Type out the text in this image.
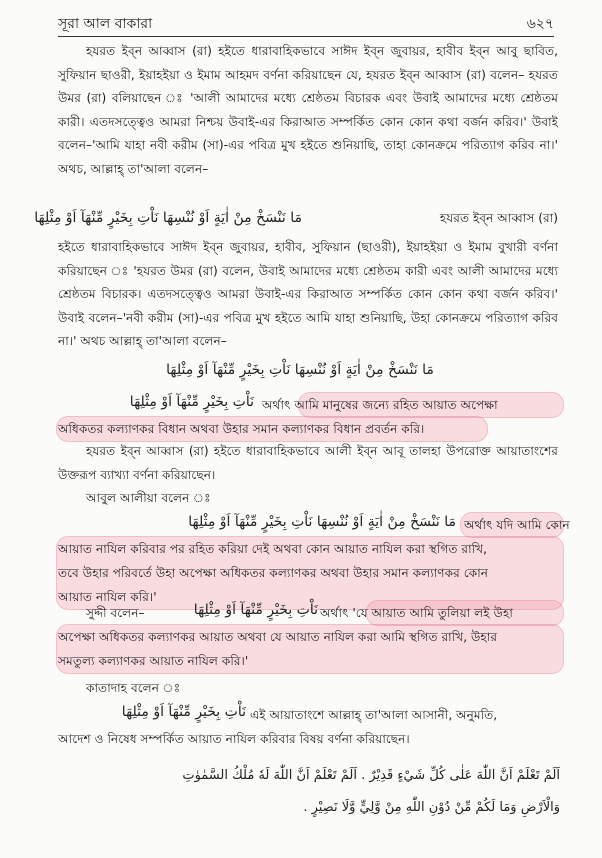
সূরা আল বাকারা	৬২৭

হযরত ইব্‌ন আব্বাস (রা) হইতে ধারাবাহিকভাবে সাঈদ ইব্‌ন জুবায়র, হাবীব ইব্‌ন আবু ছাবিত, সুফিয়ান ছাওরী, ইয়াহইয়া ও ইমাম আহমদ বর্ণনা করিয়াছেন যে, হযরত ইব্‌ন আব্বাস (রা) বলেন– হযরত উমর (রা) বলিয়াছেন ঃ 'আলী আমাদের মধ্যে শ্রেষ্ঠতম বিচারক এবং উবাই আমাদের মধ্যে শ্রেষ্ঠতম কারী। এতদসত্ত্বেও আমরা নিশ্চয় উবাই-এর কিরাআত সম্পর্কিত কোন কোন কথা বর্জন করিব।' উবাই বলেন–'আমি যাহা নবী করীম (সা)-এর পবিত্র মুখ হইতে শুনিয়াছি, তাহা কোনক্রমে পরিত্যাগ করিব না।' অথচ, আল্লাহ্ তা'আলা বলেন–

مَا نَنْسَخْ مِنْ اٰيَةٍ اَوْ نُنْسِهَا نَاْتِ بِخَيْرٍ مِّنْهَآ اَوْ مِثْلِهَا	হযরত ইব্‌ন আব্বাস (রা)

হইতে ধারাবাহিকভাবে সাঈদ ইব্‌ন জুবায়র, হাবীব, সুফিয়ান (ছাওরী), ইয়াহইয়া ও ইমাম বুখারী বর্ণনা করিয়াছেন ঃ 'হযরত উমর (রা) বলেন, উবাই আমাদের মধ্যে শ্রেষ্ঠতম কারী এবং আলী আমাদের মধ্যে শ্রেষ্ঠতম বিচারক। এতদসত্ত্বেও আমরা উবাই-এর কিরাআত সম্পর্কিত কোন কোন কথা বর্জন করিব।' উবাই বলেন–'নবী করীম (সা)-এর পবিত্র মুখ হইতে আমি যাহা শুনিয়াছি, উহা কোনক্রমে পরিত্যাগ করিব না।' অথচ আল্লাহ্ তা'আলা বলেন–

مَا نَنْسَخْ مِنْ اٰيَةٍ اَوْ نُنْسِهَا نَاْتِ بِخَيْرٍ مِّنْهَآ اَوْ مِثْلِهَا
نَاْتِ بِخَيْرٍ مِّنْهَآ اَوْ مِثْلِهَا অর্থাৎ আমি মানুষের জন্যে রহিত আয়াত অপেক্ষা
অধিকতর কল্যাণকর বিধান অথবা উহার সমান কল্যাণকর বিধান প্রবর্তন করি।

হযরত ইব্‌ন আব্বাস (রা) হইতে ধারাবাহিকভাবে আলী ইব্‌ন আবূ তালহা উপরোক্ত আয়াতাংশের উক্তরূপ ব্যাখ্যা বর্ণনা করিয়াছেন।

আবুল আলীয়া বলেন ঃ
مَا نَنْسَخْ مِنْ اٰيَةٍ اَوْ نُنْسِهَا نَاْتِ بِخَيْرٍ مِّنْهَآ اَوْ مِثْلِهَا অর্থাৎ যদি আমি কোন
আয়াত নাযিল করিবার পর রহিত করিয়া দেই অথবা কোন আয়াত নাযিল করা স্থগিত রাখি,
তবে উহার পরিবর্তে উহা অপেক্ষা অধিকতর কল্যাণকর অথবা উহার সমান কল্যাণকর কোন
আয়াত নাযিল করি।'
সুদ্দী বলেন–	نَاْتِ بِخَيْرٍ مِّنْهَآ اَوْ مِثْلِهَا অর্থাৎ 'যে আয়াত আমি তুলিয়া লই উহা
অপেক্ষা অধিকতর কল্যাণকর আয়াত অথবা যে আয়াত নাযিল করা আমি স্থগিত রাখি, উহার
সমতুল্য কল্যাণকর আয়াত নাযিল করি।'
কাতাদাহ বলেন ঃ
نَاْتِ بِخَيْرٍ مِّنْهَآ اَوْ مِثْلِهَا এই আয়াতাংশে আল্লাহ্ তা'আলা আসানী, অনুমতি,
আদেশ ও নিষেধ সম্পর্কিত আয়াত নাযিল করিবার বিষয় বর্ণনা করিয়াছেন।
اَلَمْ تَعْلَمْ اَنَّ اللّٰهَ عَلٰى كُلِّ شَيْءٍ قَدِيْرٌ . اَلَمْ تَعْلَمْ اَنَّ اللّٰهَ لَهٗ مُلْكُ السَّمٰوٰتِ
وَالْاَرْضِ وَمَا لَكُمْ مِّنْ دُوْنِ اللّٰهِ مِنْ وَّلِيٍّ وَّلَا نَصِيْرٍ .
